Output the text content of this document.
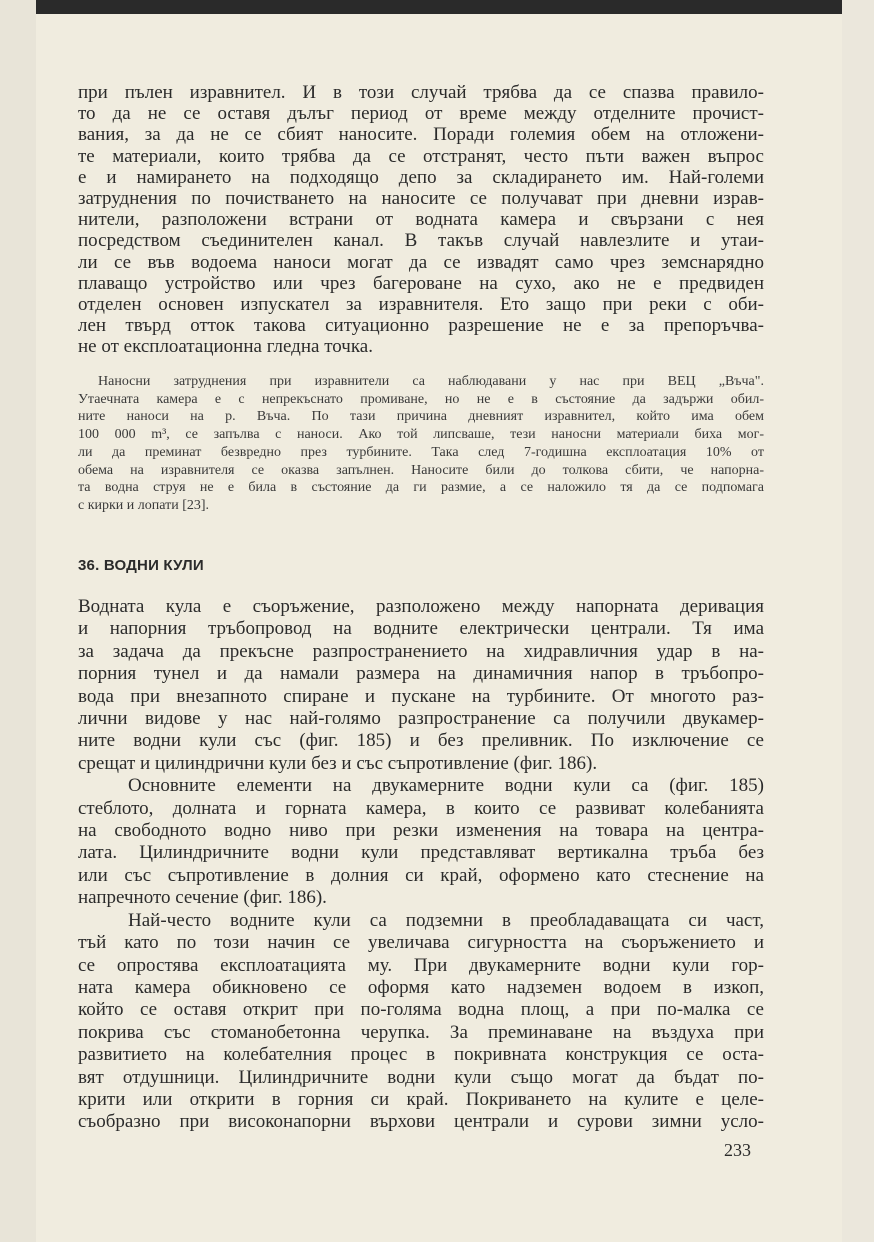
при пълен изравнител. И в този случай трябва да се спазва правило-
то да не се оставя дълъг период от време между отделните прочист-
вания, за да не се сбият наносите. Поради големия обем на отложени-
те материали, които трябва да се отстранят, често пъти важен въпрос
е и намирането на подходящо депо за складирането им. Най-големи
затруднения по почистването на наносите се получават при дневни израв-
нители, разположени встрани от водната камера и свързани с нея
посредством съединителен канал. В такъв случай навлезлите и утаи-
ли се във водоема наноси могат да се извадят само чрез земснарядно
плаващо устройство или чрез багероване на сухо, ако не е предвиден
отделен основен изпускател за изравнителя. Ето защо при реки с оби-
лен твърд отток такова ситуационно разрешение не е за препоръчва-
не от експлоатационна гледна точка.
Наносни затруднения при изравнители са наблюдавани у нас при ВЕЦ „Въча".
Утаечната камера е с непрекъснато промиване, но не е в състояние да задържи обил-
ните наноси на р. Въча. По тази причина дневният изравнител, който има обем
100 000 m³, се запълва с наноси. Ако той липсваше, тези наносни материали биха мог-
ли да преминат безвредно през турбините. Така след 7-годишна експлоатация 10% от
обема на изравнителя се оказва запълнен. Наносите били до толкова сбити, че напорна-
та водна струя не е била в състояние да ги размие, а се наложило тя да се подпомага
с кирки и лопати [23].
36. ВОДНИ КУЛИ
Водната кула е съоръжение, разположено между напорната деривация
и напорния тръбопровод на водните електрически централи. Тя има
за задача да прекъсне разпространението на хидравличния удар в на-
порния тунел и да намали размера на динамичния напор в тръбопро-
вода при внезапното спиране и пускане на турбините. От многото раз-
лични видове у нас най-голямо разпространение са получили двукамер-
ните водни кули със (фиг. 185) и без преливник. По изключение се
срещат и цилиндрични кули без и със съпротивление (фиг. 186).
Основните елементи на двукамерните водни кули са (фиг. 185)
стеблото, долната и горната камера, в които се развиват колебанията
на свободното водно ниво при резки изменения на товара на центра-
лата. Цилиндричните водни кули представляват вертикална тръба без
или със съпротивление в долния си край, оформено като стеснение на
напречното сечение (фиг. 186).
Най-често водните кули са подземни в преобладаващата си част,
тъй като по този начин се увеличава сигурността на съоръжението и
се опростява експлоатацията му. При двукамерните водни кули гор-
ната камера обикновено се оформя като надземен водоем в изкоп,
който се оставя открит при по-голяма водна площ, а при по-малка се
покрива със стоманобетонна черупка. За преминаване на въздуха при
развитието на колебателния процес в покривната конструкция се оста-
вят отдушници. Цилиндричните водни кули също могат да бъдат по-
крити или открити в горния си край. Покриването на кулите е целе-
съобразно при високонапорни върхови централи и сурови зимни усло-
233
